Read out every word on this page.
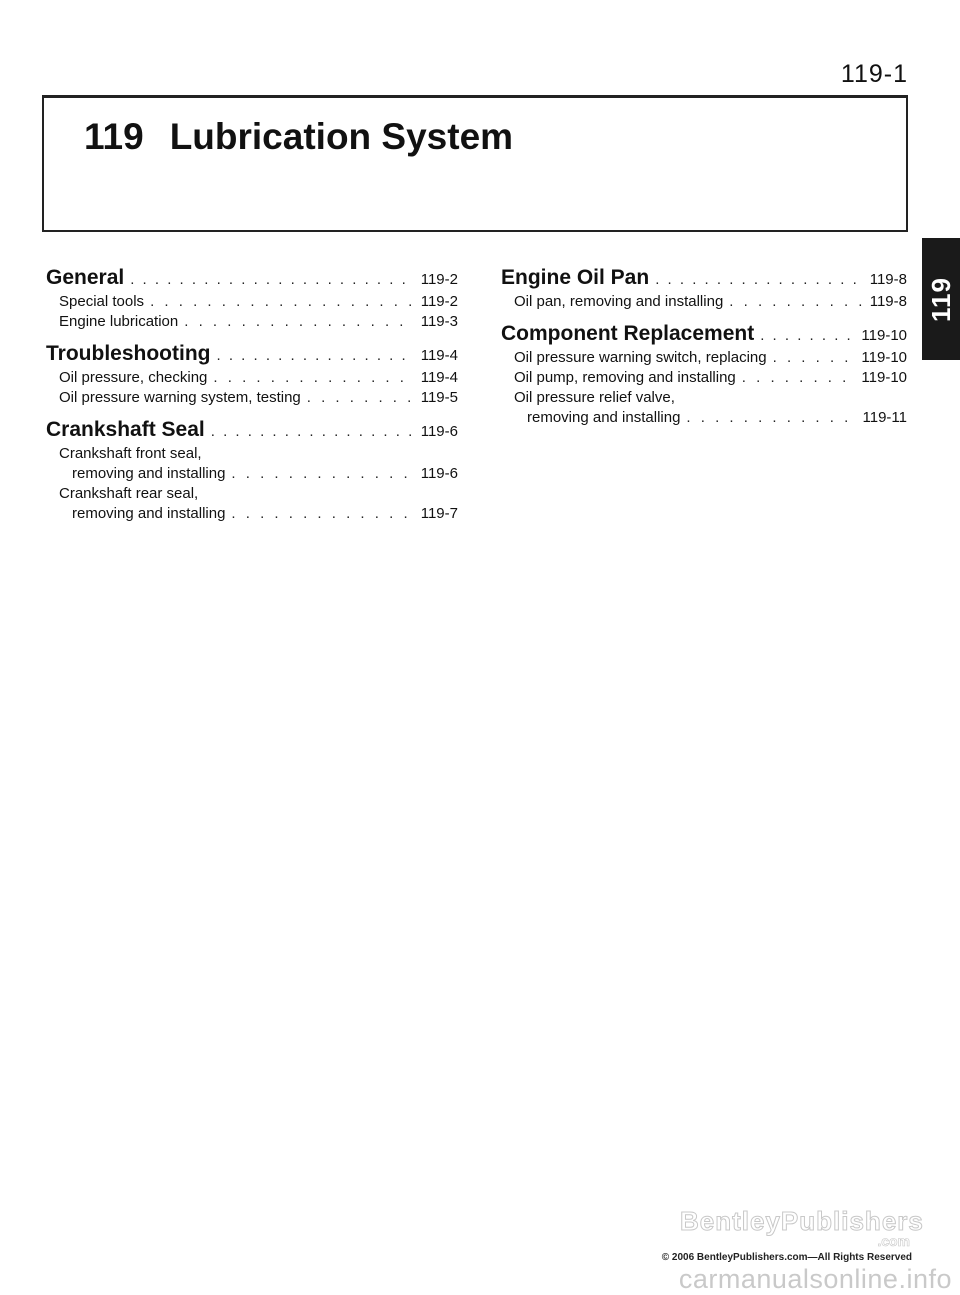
119-1
119 Lubrication System
119
General . . .	119-2
Special tools . . .	119-2
Engine lubrication . . .	119-3
Troubleshooting . . .	119-4
Oil pressure, checking . . .	119-4
Oil pressure warning system, testing . . .	119-5
Crankshaft Seal . . .	119-6
Crankshaft front seal,
removing and installing . . .	119-6
Crankshaft rear seal,
removing and installing . . .	119-7
Engine Oil Pan . . .	119-8
Oil pan, removing and installing . . .	119-8
Component Replacement . . .	119-10
Oil pressure warning switch, replacing . . .	119-10
Oil pump, removing and installing . . .	119-10
Oil pressure relief valve,
removing and installing . . .	119-11
BentleyPublishers
.com
© 2006 BentleyPublishers.com—All Rights Reserved
carmanualsonline.info
